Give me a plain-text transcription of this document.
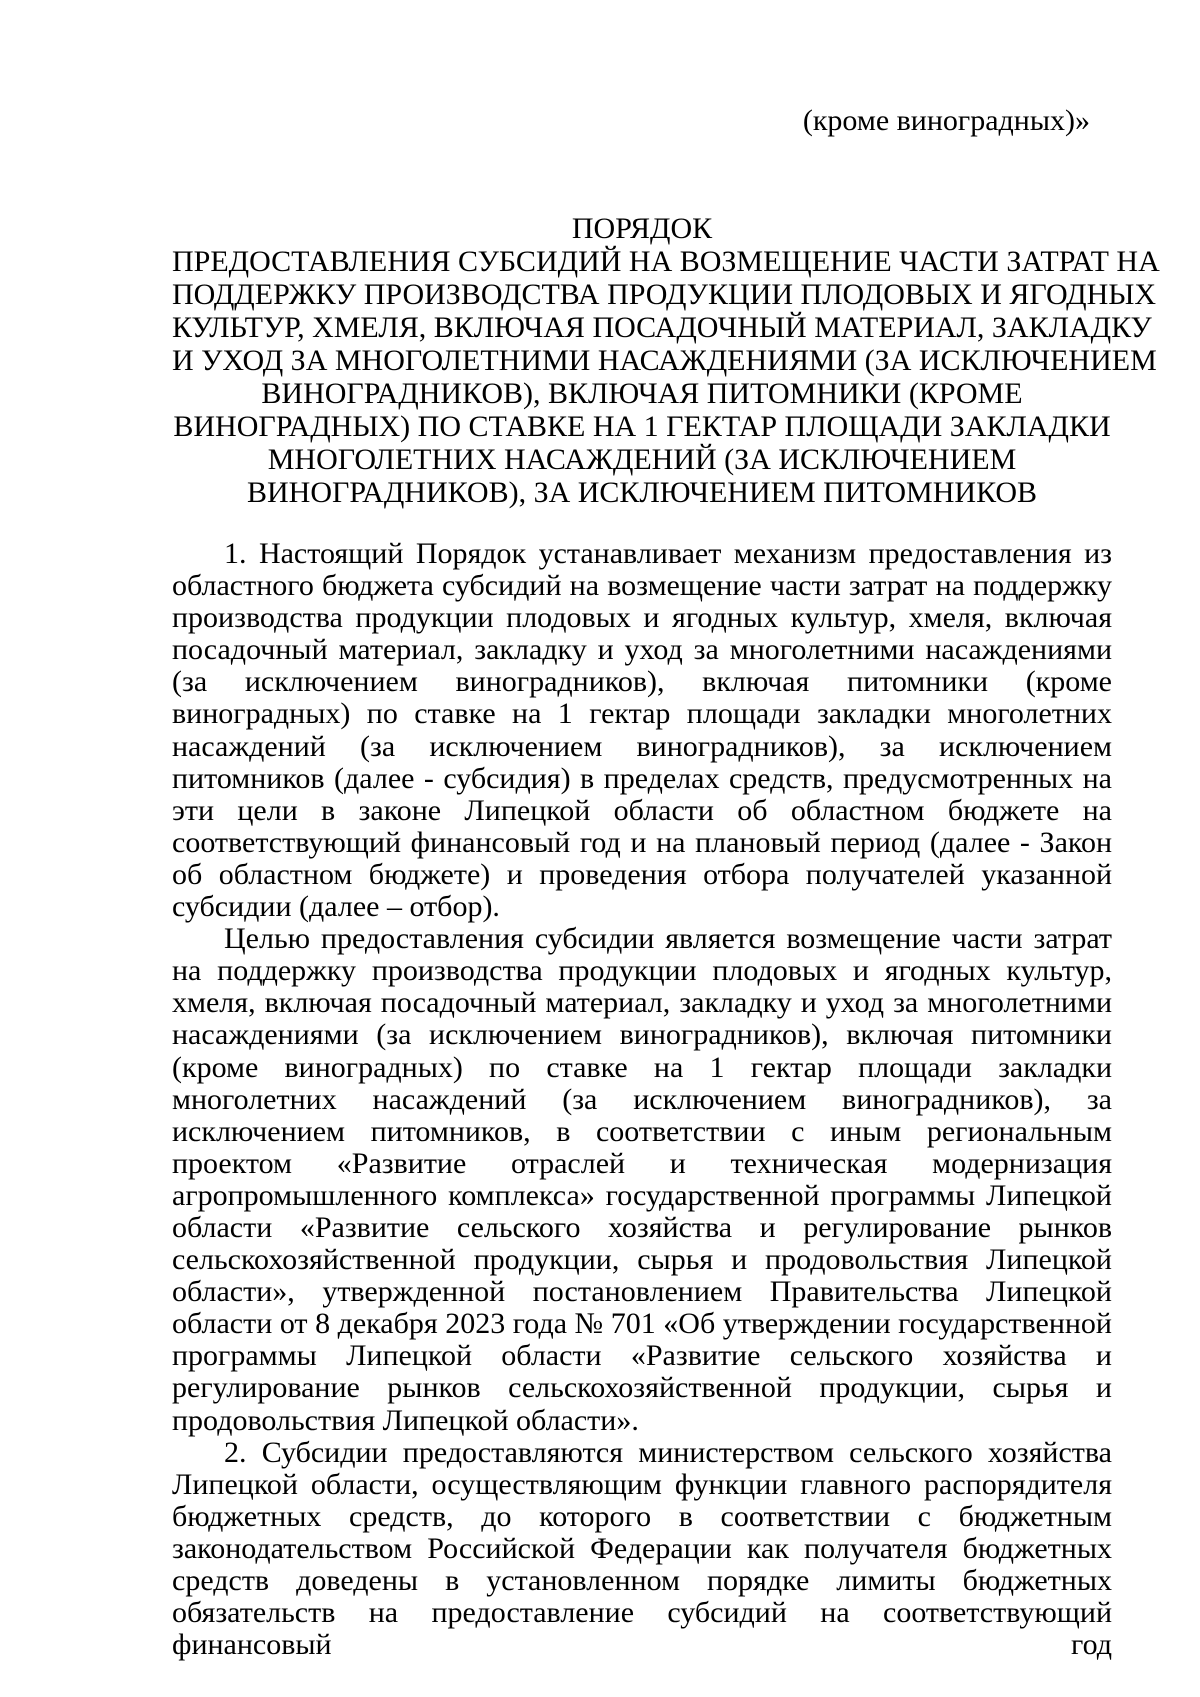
(кроме виноградных)»
ПОРЯДОК
ПРЕДОСТАВЛЕНИЯ СУБСИДИЙ НА ВОЗМЕЩЕНИЕ ЧАСТИ ЗАТРАТ НА
ПОДДЕРЖКУ ПРОИЗВОДСТВА ПРОДУКЦИИ ПЛОДОВЫХ И ЯГОДНЫХ
КУЛЬТУР, ХМЕЛЯ, ВКЛЮЧАЯ ПОСАДОЧНЫЙ МАТЕРИАЛ, ЗАКЛАДКУ
И УХОД ЗА МНОГОЛЕТНИМИ НАСАЖДЕНИЯМИ (ЗА ИСКЛЮЧЕНИЕМ
ВИНОГРАДНИКОВ), ВКЛЮЧАЯ ПИТОМНИКИ (КРОМЕ
ВИНОГРАДНЫХ) ПО СТАВКЕ НА 1 ГЕКТАР ПЛОЩАДИ ЗАКЛАДКИ
МНОГОЛЕТНИХ НАСАЖДЕНИЙ (ЗА ИСКЛЮЧЕНИЕМ
ВИНОГРАДНИКОВ), ЗА ИСКЛЮЧЕНИЕМ ПИТОМНИКОВ

1. Настоящий Порядок устанавливает механизм предоставления из областного бюджета субсидий на возмещение части затрат на поддержку производства продукции плодовых и ягодных культур, хмеля, включая посадочный материал, закладку и уход за многолетними насаждениями (за исключением виноградников), включая питомники (кроме виноградных) по ставке на 1 гектар площади закладки многолетних насаждений (за исключением виноградников), за исключением питомников (далее - субсидия) в пределах средств, предусмотренных на эти цели в законе Липецкой области об областном бюджете на соответствующий финансовый год и на плановый период (далее - Закон об областном бюджете) и проведения отбора получателей указанной субсидии (далее – отбор).

Целью предоставления субсидии является возмещение части затрат на поддержку производства продукции плодовых и ягодных культур, хмеля, включая посадочный материал, закладку и уход за многолетними насаждениями (за исключением виноградников), включая питомники (кроме виноградных) по ставке на 1 гектар площади закладки многолетних насаждений (за исключением виноградников), за исключением питомников, в соответствии с иным региональным проектом «Развитие отраслей и техническая модернизация агропромышленного комплекса» государственной программы Липецкой области «Развитие сельского хозяйства и регулирование рынков сельскохозяйственной продукции, сырья и продовольствия Липецкой области», утвержденной постановлением Правительства Липецкой области от 8 декабря 2023 года № 701 «Об утверждении государственной программы Липецкой области «Развитие сельского хозяйства и регулирование рынков сельскохозяйственной продукции, сырья и продовольствия Липецкой области».

2. Субсидии предоставляются министерством сельского хозяйства Липецкой области, осуществляющим функции главного распорядителя бюджетных средств, до которого в соответствии с бюджетным законодательством Российской Федерации как получателя бюджетных средств доведены в установленном порядке лимиты бюджетных обязательств на предоставление субсидий на соответствующий финансовый год
